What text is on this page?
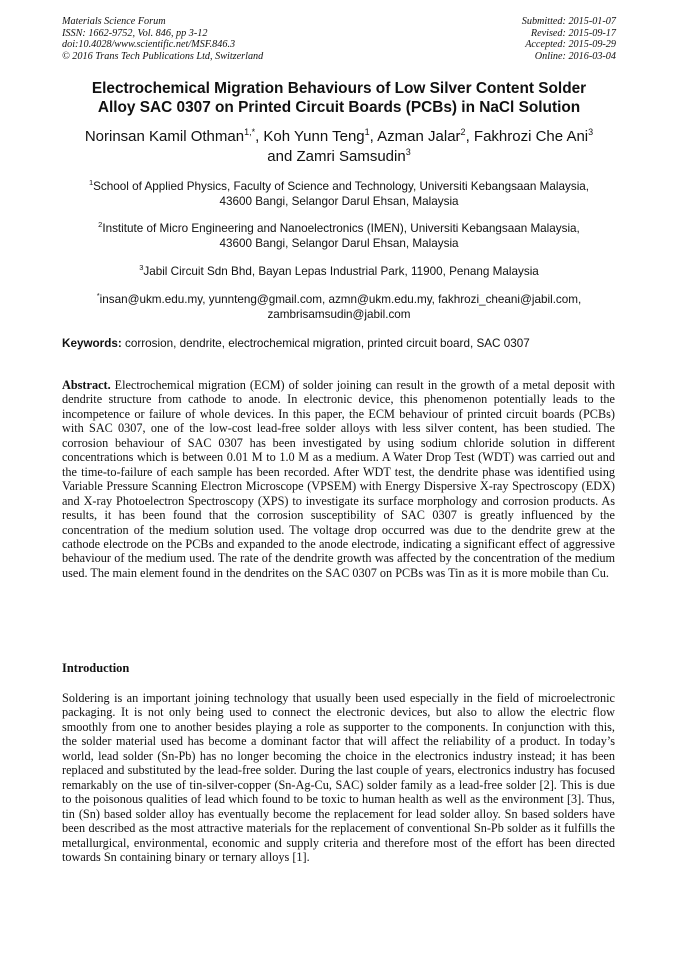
Materials Science Forum
ISSN: 1662-9752, Vol. 846, pp 3-12
doi:10.4028/www.scientific.net/MSF.846.3
© 2016 Trans Tech Publications Ltd, Switzerland
Submitted: 2015-01-07
Revised: 2015-09-17
Accepted: 2015-09-29
Online: 2016-03-04
Electrochemical Migration Behaviours of Low Silver Content Solder
Alloy SAC 0307 on Printed Circuit Boards (PCBs) in NaCl Solution
Norinsan Kamil Othman$^{1,*}$, Koh Yunn Teng$^1$, Azman Jalar$^2$, Fakhrozi Che Ani$^3$
and Zamri Samsudin$^3$
$^1$School of Applied Physics, Faculty of Science and Technology, Universiti Kebangsaan Malaysia,
43600 Bangi, Selangor Darul Ehsan, Malaysia
$^2$Institute of Micro Engineering and Nanoelectronics (IMEN), Universiti Kebangsaan Malaysia,
43600 Bangi, Selangor Darul Ehsan, Malaysia
$^3$Jabil Circuit Sdn Bhd, Bayan Lepas Industrial Park, 11900, Penang Malaysia
*insan@ukm.edu.my, yunnteng@gmail.com, azmn@ukm.edu.my, fakhrozi_cheani@jabil.com,
zambrisamsudin@jabil.com
Keywords: corrosion, dendrite, electrochemical migration, printed circuit board, SAC 0307
Abstract. Electrochemical migration (ECM) of solder joining can result in the growth of a metal deposit with dendrite structure from cathode to anode. In electronic device, this phenomenon potentially leads to the incompetence or failure of whole devices. In this paper, the ECM behaviour of printed circuit boards (PCBs) with SAC 0307, one of the low-cost lead-free solder alloys with less silver content, has been studied. The corrosion behaviour of SAC 0307 has been investigated by using sodium chloride solution in different concentrations which is between 0.01 M to 1.0 M as a medium. A Water Drop Test (WDT) was carried out and the time-to-failure of each sample has been recorded. After WDT test, the dendrite phase was identified using Variable Pressure Scanning Electron Microscope (VPSEM) with Energy Dispersive X-ray Spectroscopy (EDX) and X-ray Photoelectron Spectroscopy (XPS) to investigate its surface morphology and corrosion products. As results, it has been found that the corrosion susceptibility of SAC 0307 is greatly influenced by the concentration of the medium solution used. The voltage drop occurred was due to the dendrite grew at the cathode electrode on the PCBs and expanded to the anode electrode, indicating a significant effect of aggressive behaviour of the medium used. The rate of the dendrite growth was affected by the concentration of the medium used. The main element found in the dendrites on the SAC 0307 on PCBs was Tin as it is more mobile than Cu.
Introduction
Soldering is an important joining technology that usually been used especially in the field of microelectronic packaging. It is not only being used to connect the electronic devices, but also to allow the electric flow smoothly from one to another besides playing a role as supporter to the components. In conjunction with this, the solder material used has become a dominant factor that will affect the reliability of a product. In today’s world, lead solder (Sn-Pb) has no longer becoming the choice in the electronics industry instead; it has been replaced and substituted by the lead-free solder. During the last couple of years, electronics industry has focused remarkably on the use of tin-silver-copper (Sn-Ag-Cu, SAC) solder family as a lead-free solder [2]. This is due to the poisonous qualities of lead which found to be toxic to human health as well as the environment [3]. Thus, tin (Sn) based solder alloy has eventually become the replacement for lead solder alloy. Sn based solders have been described as the most attractive materials for the replacement of conventional Sn-Pb solder as it fulfills the metallurgical, environmental, economic and supply criteria and therefore most of the effort has been directed towards Sn containing binary or ternary alloys [1].
